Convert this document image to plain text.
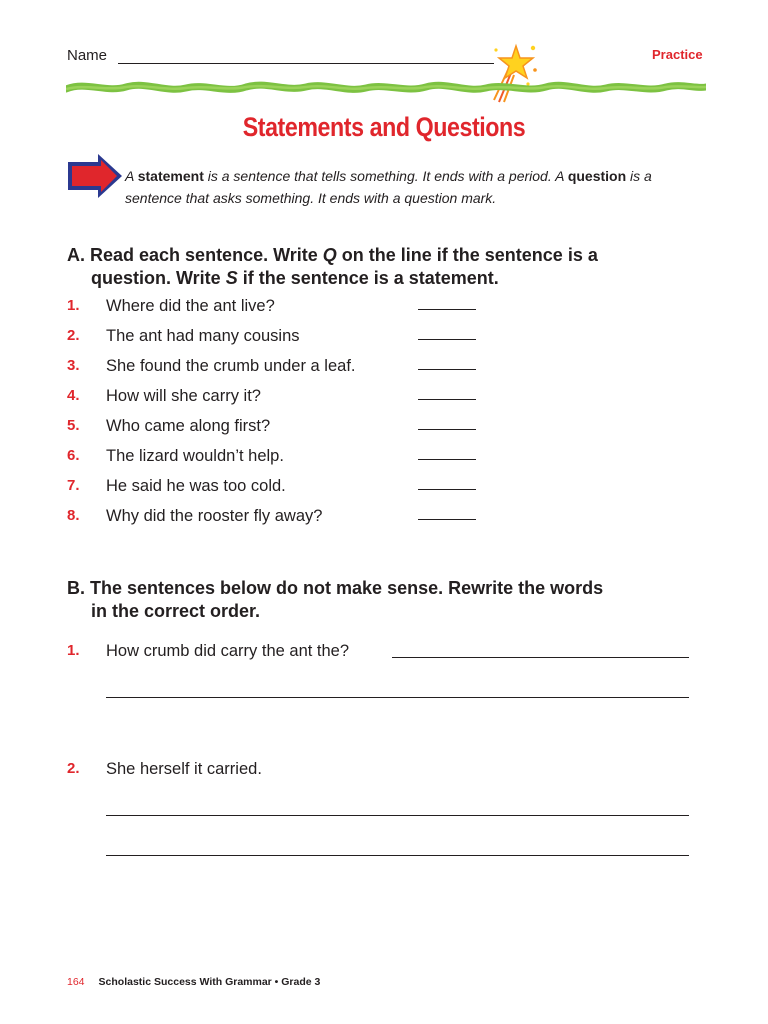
Name	Practice
Statements and Questions
A statement is a sentence that tells something. It ends with a period. A question is a sentence that asks something. It ends with a question mark.
A. Read each sentence. Write Q on the line if the sentence is a
question. Write S if the sentence is a statement.
1. Where did the ant live?
2. The ant had many cousins
3. She found the crumb under a leaf.
4. How will she carry it?
5. Who came along first?
6. The lizard wouldn’t help.
7. He said he was too cold.
8. Why did the rooster fly away?
B. The sentences below do not make sense. Rewrite the words
in the correct order.
1. How crumb did carry the ant the?
2. She herself it carried.
164 Scholastic Success With Grammar • Grade 3
